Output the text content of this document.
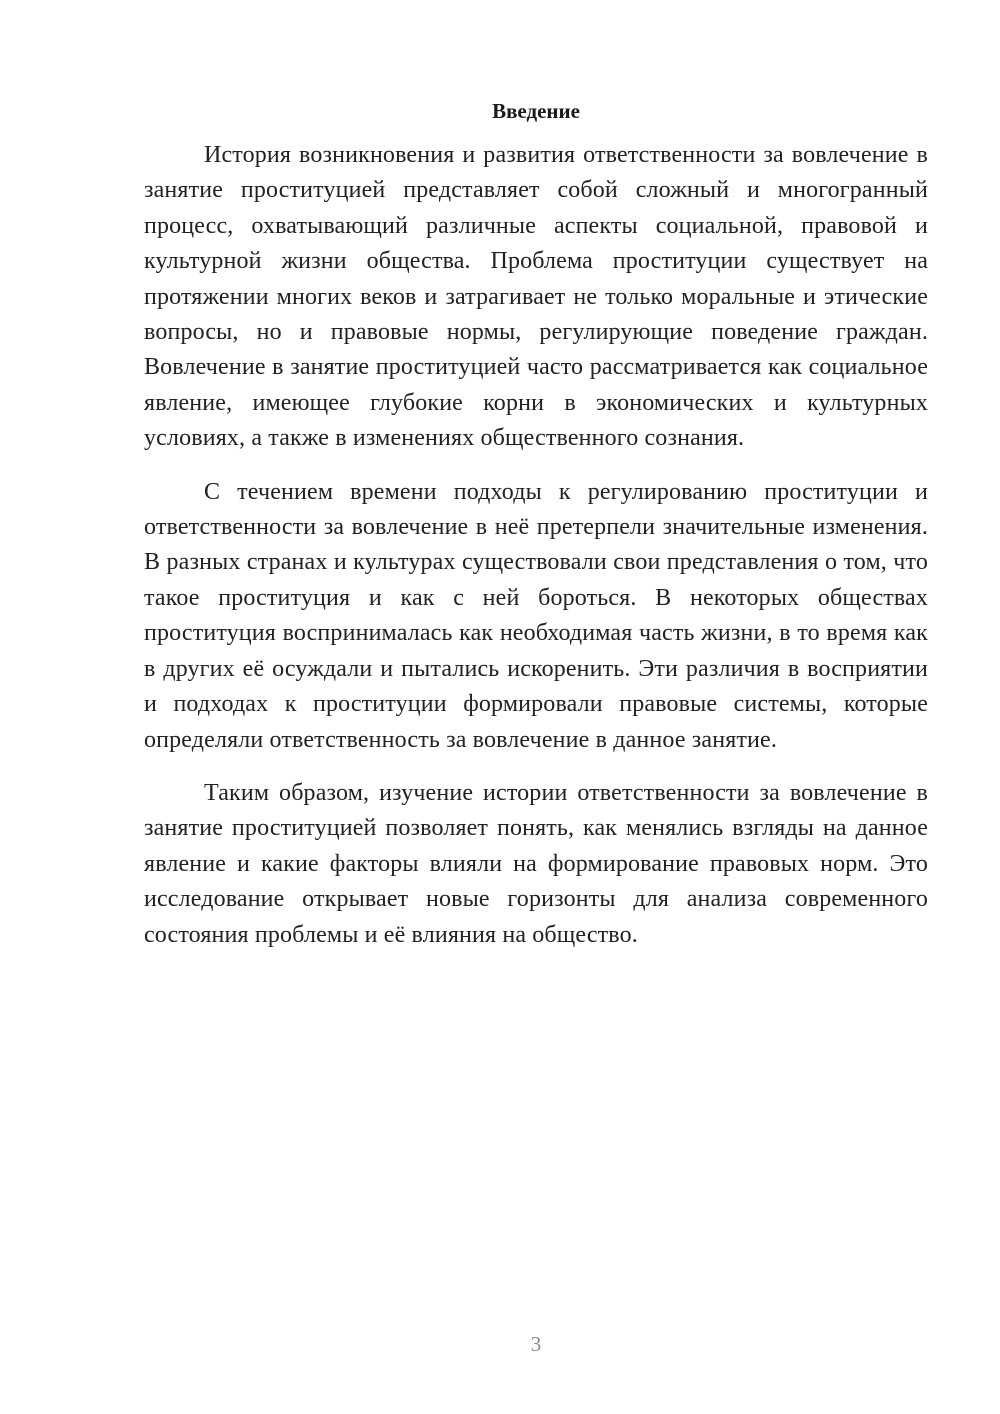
Введение

История возникновения и развития ответственности за вовлечение в занятие проституцией представляет собой сложный и многогранный процесс, охватывающий различные аспекты социальной, правовой и культурной жизни общества. Проблема проституции существует на протяжении многих веков и затрагивает не только моральные и этические вопросы, но и правовые нормы, регулирующие поведение граждан. Вовлечение в занятие проституцией часто рассматривается как социальное явление, имеющее глубокие корни в экономических и культурных условиях, а также в изменениях общественного сознания.

С течением времени подходы к регулированию проституции и ответственности за вовлечение в неё претерпели значительные изменения. В разных странах и культурах существовали свои представления о том, что такое проституция и как с ней бороться. В некоторых обществах проституция воспринималась как необходимая часть жизни, в то время как в других её осуждали и пытались искоренить. Эти различия в восприятии и подходах к проституции формировали правовые системы, которые определяли ответственность за вовлечение в данное занятие.

Таким образом, изучение истории ответственности за вовлечение в занятие проституцией позволяет понять, как менялись взгляды на данное явление и какие факторы влияли на формирование правовых норм. Это исследование открывает новые горизонты для анализа современного состояния проблемы и её влияния на общество.

3
